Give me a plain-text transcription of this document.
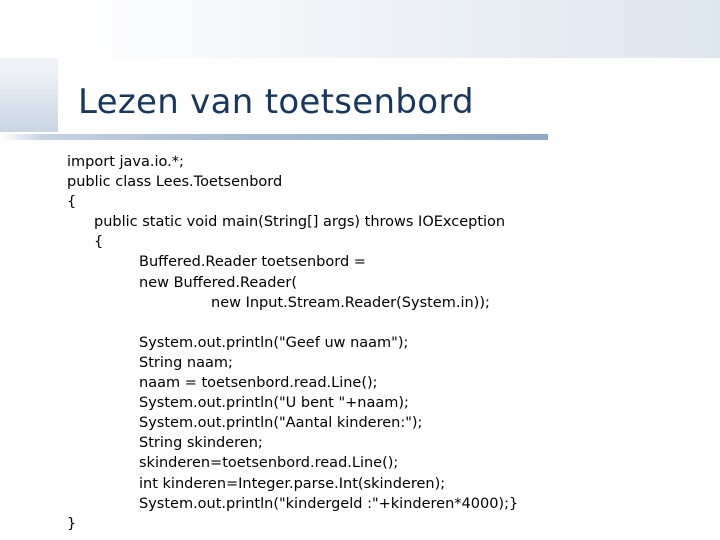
Lezen van toetsenbord
import java.io.*;
public class Lees.Toetsenbord
{
public static void main(String[] args) throws IOException
{
Buffered.Reader toetsenbord =
new Buffered.Reader(
new Input.Stream.Reader(System.in));
System.out.println("Geef uw naam");
String naam;
naam = toetsenbord.read.Line();
System.out.println("U bent "+naam);
System.out.println("Aantal kinderen:");
String skinderen;
skinderen=toetsenbord.read.Line();
int kinderen=Integer.parse.Int(skinderen);
System.out.println("kindergeld :"+kinderen*4000);}
}
